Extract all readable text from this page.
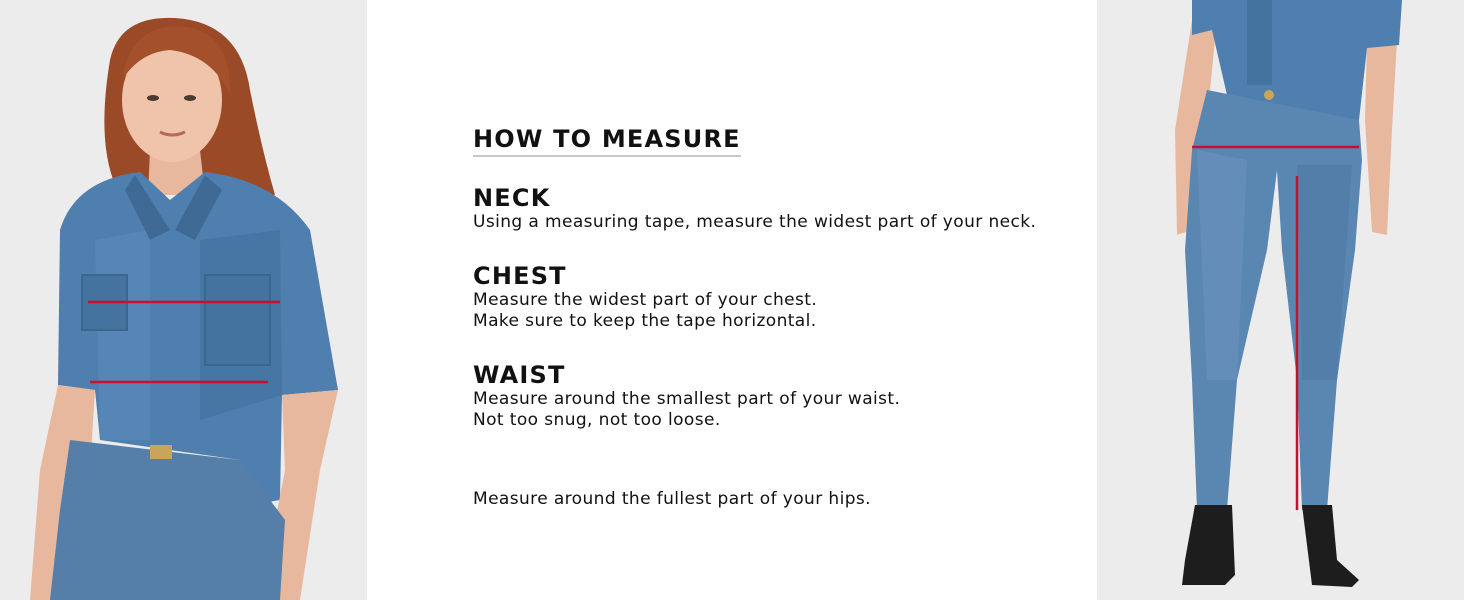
HOW TO MEASURE
NECK

Using a measuring tape, measure the widest part of your neck.

CHEST

Measure the widest part of your chest.

Make sure to keep the tape horizontal.

WAIST

Measure around the smallest part of your waist.

Not too snug, not too loose.

Measure around the fullest part of your hips.
